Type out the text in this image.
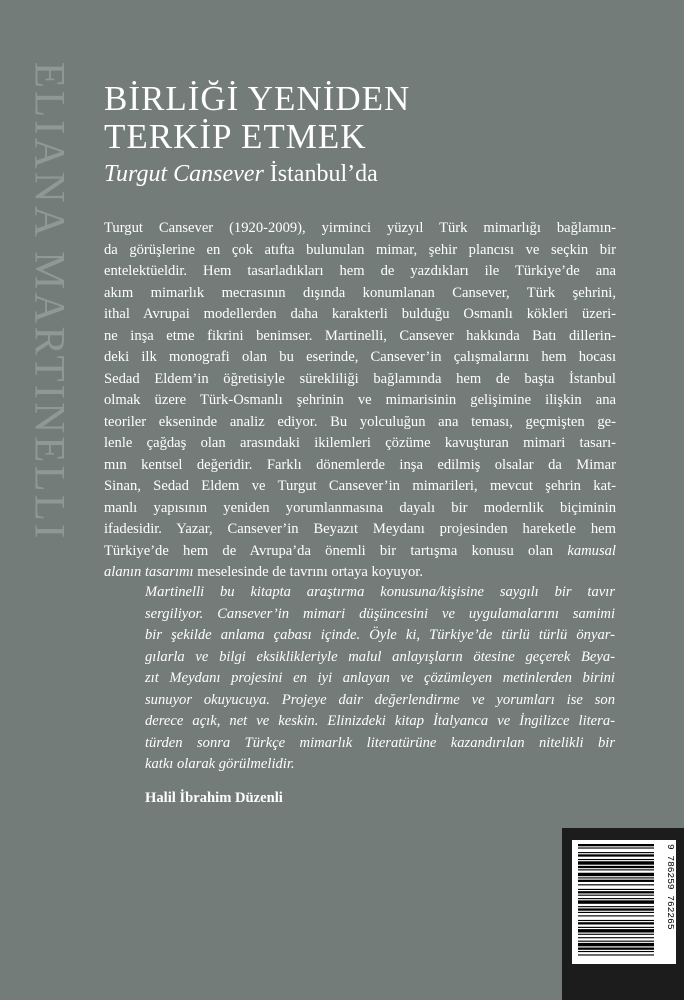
ELIANA MARTINELLI BİRLİĞİ YENİDEN
TERKİP ETMEK
Turgut Cansever İstanbul’da

Turgut Cansever (1920-2009), yirminci yüzyıl Türk mimarlığı bağlamın-
da görüşlerine en çok atıfta bulunulan mimar, şehir plancısı ve seçkin bir
entelektüeldir. Hem tasarladıkları hem de yazdıkları ile Türkiye’de ana
akım mimarlık mecrasının dışında konumlanan Cansever, Türk şehrini,
ithal Avrupai modellerden daha karakterli bulduğu Osmanlı kökleri üzeri-
ne inşa etme fikrini benimser. Martinelli, Cansever hakkında Batı dillerin-
deki ilk monografi olan bu eserinde, Cansever’in çalışmalarını hem hocası
Sedad Eldem’in öğretisiyle sürekliliği bağlamında hem de başta İstanbul
olmak üzere Türk-Osmanlı şehrinin ve mimarisinin gelişimine ilişkin ana
teoriler ekseninde analiz ediyor. Bu yolculuğun ana teması, geçmişten ge-
lenle çağdaş olan arasındaki ikilemleri çözüme kavuşturan mimari tasarı-
mın kentsel değeridir. Farklı dönemlerde inşa edilmiş olsalar da Mimar
Sinan, Sedad Eldem ve Turgut Cansever’in mimarileri, mevcut şehrin kat-
manlı yapısının yeniden yorumlanmasına dayalı bir modernlik biçiminin
ifadesidir. Yazar, Cansever’in Beyazıt Meydanı projesinden hareketle hem
Türkiye’de hem de Avrupa’da önemli bir tartışma konusu olan kamusal
alanın tasarımı meselesinde de tavrını ortaya koyuyor.

Martinelli bu kitapta araştırma konusuna/kişisine saygılı bir tavır
sergiliyor. Cansever’in mimari düşüncesini ve uygulamalarını samimi
bir şekilde anlama çabası içinde. Öyle ki, Türkiye’de türlü türlü önyar-
gılarla ve bilgi eksiklikleriyle malul anlayışların ötesine geçerek Beya-
zıt Meydanı projesini en iyi anlayan ve çözümleyen metinlerden birini
sunuyor okuyucuya. Projeye dair değerlendirme ve yorumları ise son
derece açık, net ve keskin. Elinizdeki kitap İtalyanca ve İngilizce litera-
türden sonra Türkçe mimarlık literatürüne kazandırılan nitelikli bir
katkı olarak görülmelidir.

Halil İbrahim Düzenli

9 786259 762265
